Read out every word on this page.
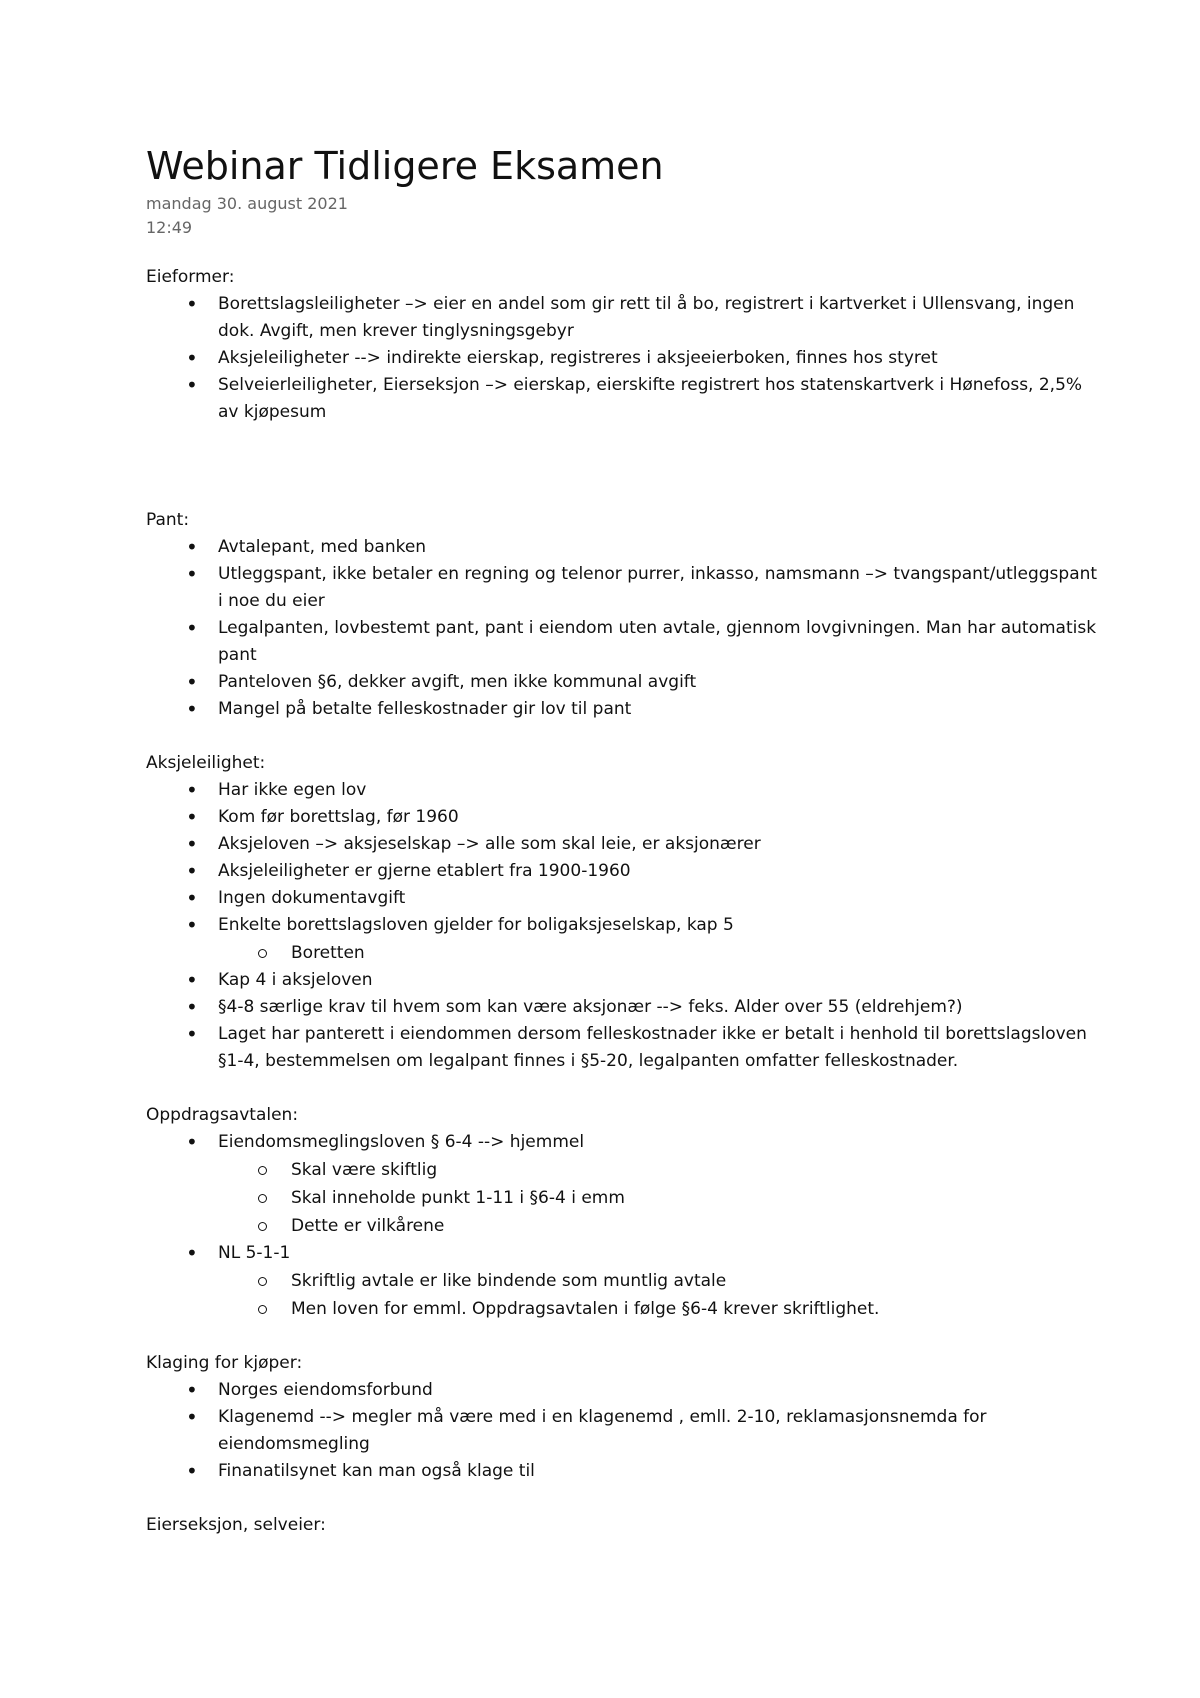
Webinar Tidligere Eksamen

mandag 30. august 2021

12:49

Eieformer:

• Borettslagsleiligheter –> eier en andel som gir rett til å bo, registrert i kartverket i Ullensvang, ingen dok. Avgift, men krever tinglysningsgebyr
• Aksjeleiligheter --> indirekte eierskap, registreres i aksjeeierboken, finnes hos styret
• Selveierleiligheter, Eierseksjon –> eierskap, eierskifte registrert hos statenskartverk i Hønefoss, 2,5% av kjøpesum

Pant:

• Avtalepant, med banken
• Utleggspant, ikke betaler en regning og telenor purrer, inkasso, namsmann –> tvangspant/utleggspant i noe du eier
• Legalpanten, lovbestemt pant, pant i eiendom uten avtale, gjennom lovgivningen. Man har automatisk pant
• Panteloven §6, dekker avgift, men ikke kommunal avgift
• Mangel på betalte felleskostnader gir lov til pant

Aksjeleilighet:

• Har ikke egen lov
• Kom før borettslag, før 1960
• Aksjeloven –> aksjeselskap –> alle som skal leie, er aksjonærer
• Aksjeleiligheter er gjerne etablert fra 1900-1960
• Ingen dokumentavgift
• Enkelte borettslagsloven gjelder for boligaksjeselskap, kap 5
Boretten
• Kap 4 i aksjeloven
• §4-8 særlige krav til hvem som kan være aksjonær --> feks. Alder over 55 (eldrehjem?)
• Laget har panterett i eiendommen dersom felleskostnader ikke er betalt i henhold til borettslagsloven §1-4, bestemmelsen om legalpant finnes i §5-20, legalpanten omfatter felleskostnader.

Oppdragsavtalen:

• Eiendomsmeglingsloven § 6-4 --> hjemmel
Skal være skiftlig
Skal inneholde punkt 1-11 i §6-4 i emm
Dette er vilkårene
• NL 5-1-1
Skriftlig avtale er like bindende som muntlig avtale
Men loven for emml. Oppdragsavtalen i følge §6-4 krever skriftlighet.

Klaging for kjøper:

• Norges eiendomsforbund
• Klagenemd --> megler må være med i en klagenemd , emll. 2-10, reklamasjonsnemda for eiendomsmegling
• Finanatilsynet kan man også klage til

Eierseksjon, selveier:
